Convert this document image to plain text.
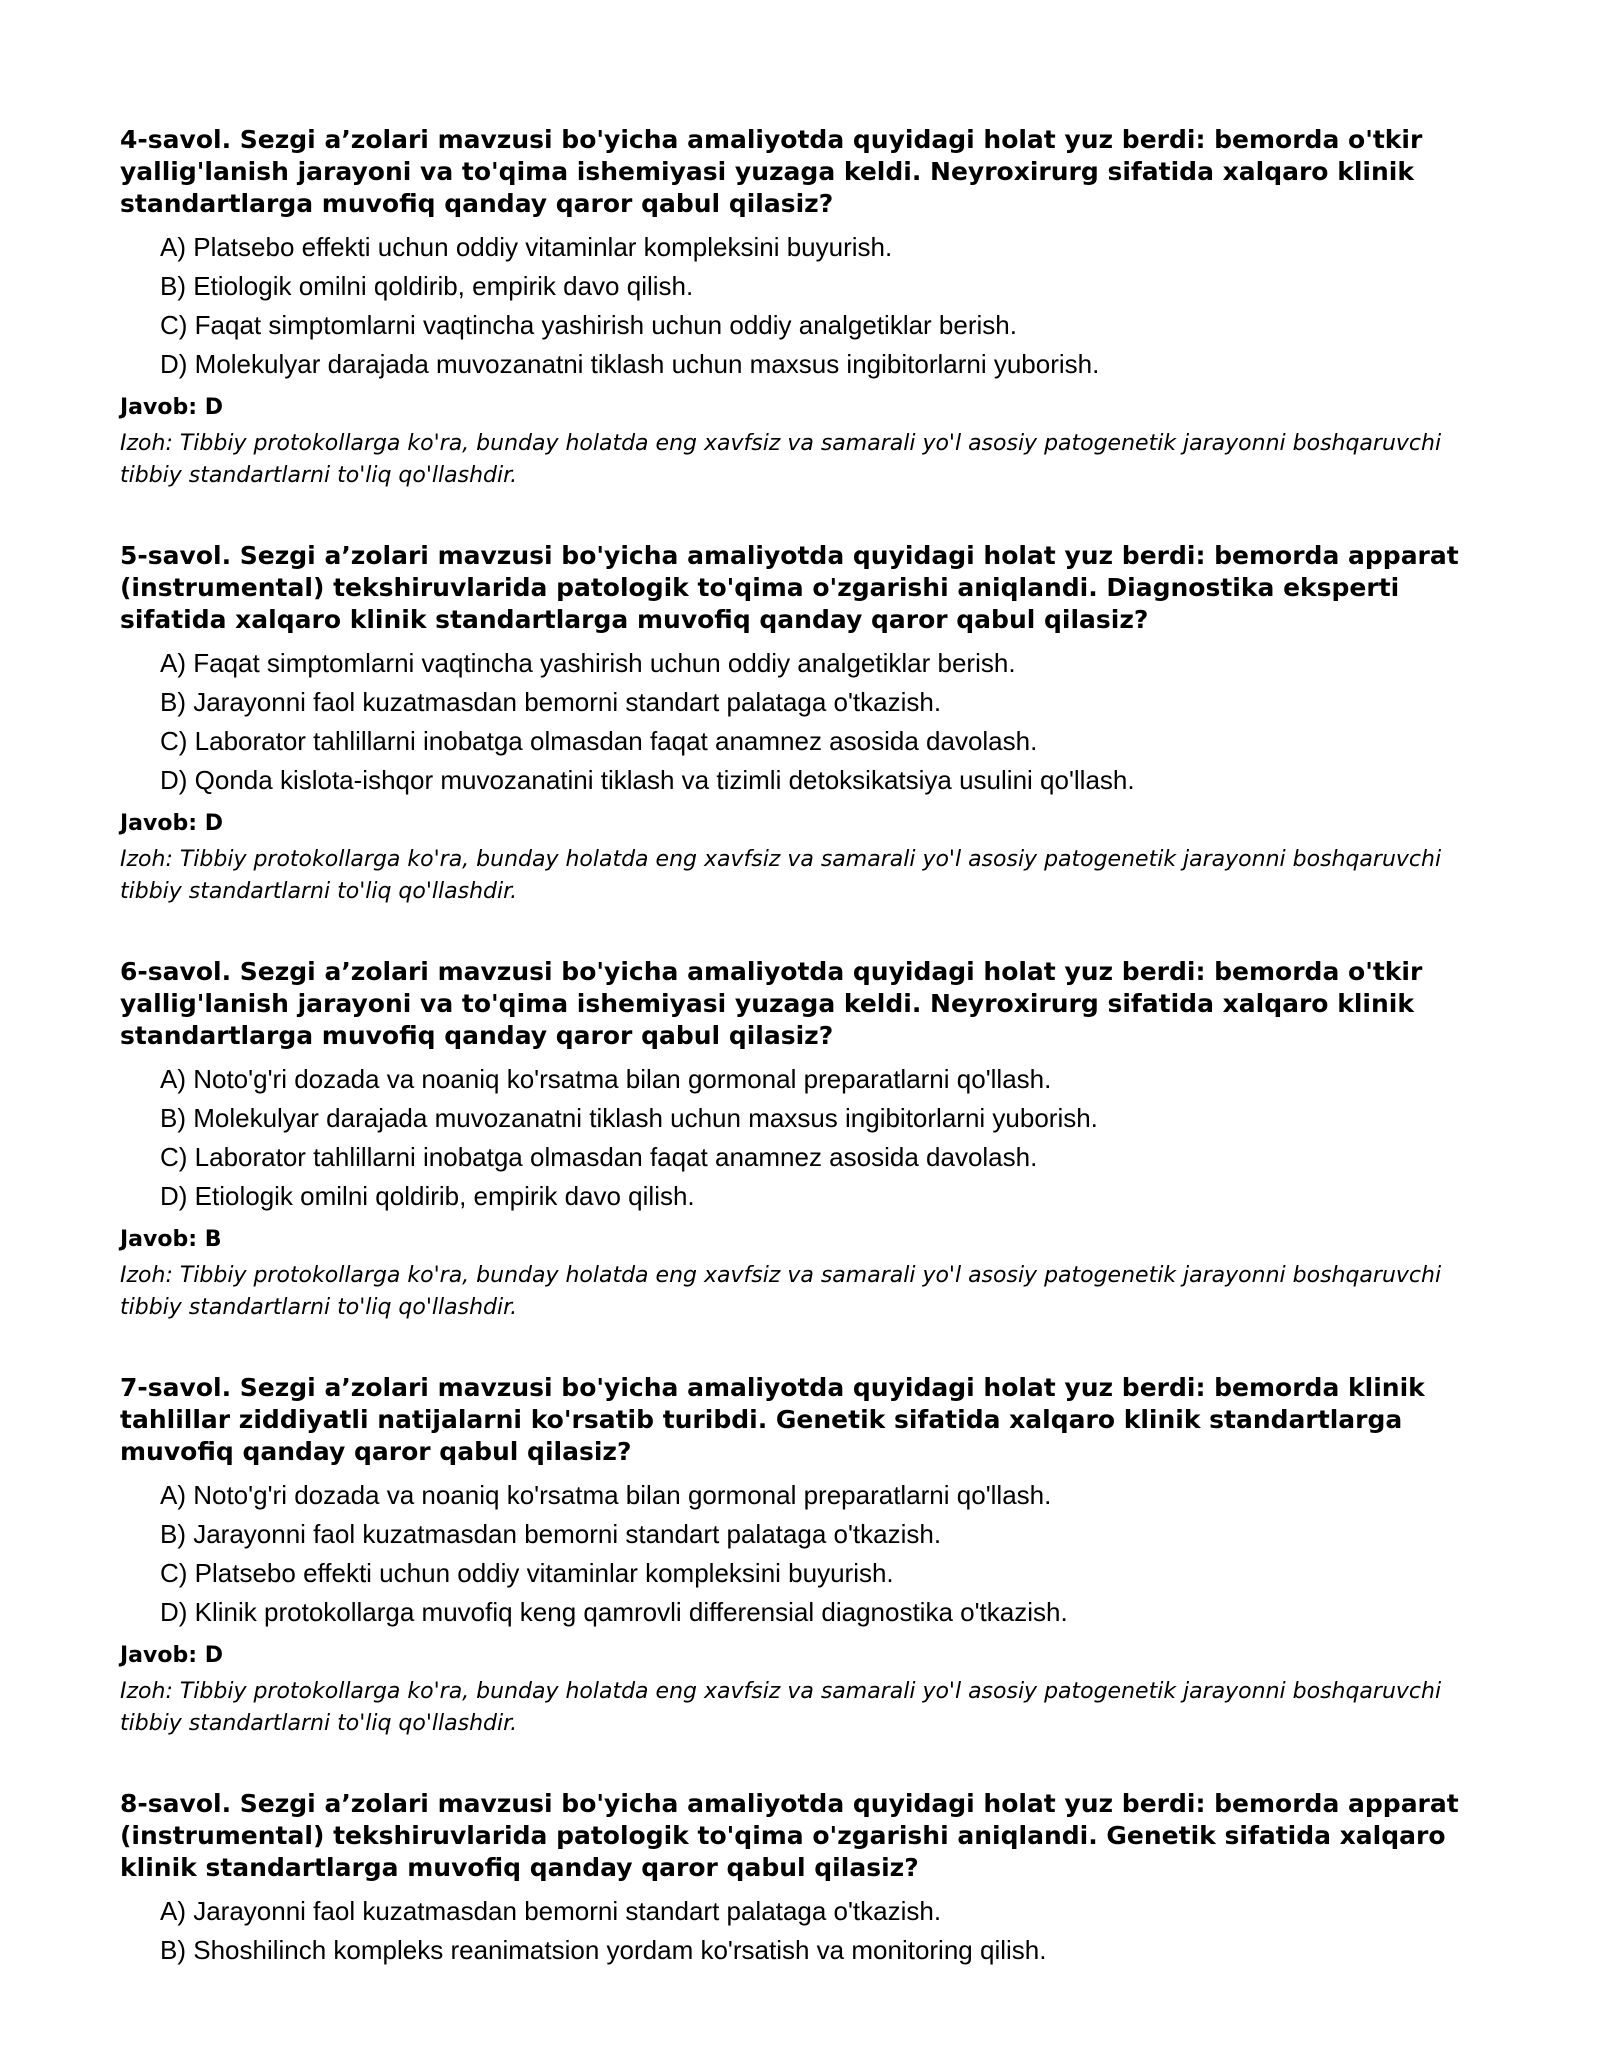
4-savol. Sezgi a’zolari mavzusi bo'yicha amaliyotda quyidagi holat yuz berdi: bemorda o'tkir yallig'lanish jarayoni va to'qima ishemiyasi yuzaga keldi. Neyroxirurg sifatida xalqaro klinik standartlarga muvofiq qanday qaror qabul qilasiz?

A) Platsebo effekti uchun oddiy vitaminlar kompleksini buyurish.
B) Etiologik omilni qoldirib, empirik davo qilish.
C) Faqat simptomlarni vaqtincha yashirish uchun oddiy analgetiklar berish.
D) Molekulyar darajada muvozanatni tiklash uchun maxsus ingibitorlarni yuborish.

Javob: D

Izoh: Tibbiy protokollarga ko'ra, bunday holatda eng xavfsiz va samarali yo'l asosiy patogenetik jarayonni boshqaruvchi tibbiy standartlarni to'liq qo'llashdir.

5-savol. Sezgi a’zolari mavzusi bo'yicha amaliyotda quyidagi holat yuz berdi: bemorda apparat (instrumental) tekshiruvlarida patologik to'qima o'zgarishi aniqlandi. Diagnostika eksperti sifatida xalqaro klinik standartlarga muvofiq qanday qaror qabul qilasiz?

A) Faqat simptomlarni vaqtincha yashirish uchun oddiy analgetiklar berish.
B) Jarayonni faol kuzatmasdan bemorni standart palataga o'tkazish.
C) Laborator tahlillarni inobatga olmasdan faqat anamnez asosida davolash.
D) Qonda kislota-ishqor muvozanatini tiklash va tizimli detoksikatsiya usulini qo'llash.

Javob: D

Izoh: Tibbiy protokollarga ko'ra, bunday holatda eng xavfsiz va samarali yo'l asosiy patogenetik jarayonni boshqaruvchi tibbiy standartlarni to'liq qo'llashdir.

6-savol. Sezgi a’zolari mavzusi bo'yicha amaliyotda quyidagi holat yuz berdi: bemorda o'tkir yallig'lanish jarayoni va to'qima ishemiyasi yuzaga keldi. Neyroxirurg sifatida xalqaro klinik standartlarga muvofiq qanday qaror qabul qilasiz?

A) Noto'g'ri dozada va noaniq ko'rsatma bilan gormonal preparatlarni qo'llash.
B) Molekulyar darajada muvozanatni tiklash uchun maxsus ingibitorlarni yuborish.
C) Laborator tahlillarni inobatga olmasdan faqat anamnez asosida davolash.
D) Etiologik omilni qoldirib, empirik davo qilish.

Javob: B

Izoh: Tibbiy protokollarga ko'ra, bunday holatda eng xavfsiz va samarali yo'l asosiy patogenetik jarayonni boshqaruvchi tibbiy standartlarni to'liq qo'llashdir.

7-savol. Sezgi a’zolari mavzusi bo'yicha amaliyotda quyidagi holat yuz berdi: bemorda klinik tahlillar ziddiyatli natijalarni ko'rsatib turibdi. Genetik sifatida xalqaro klinik standartlarga muvofiq qanday qaror qabul qilasiz?

A) Noto'g'ri dozada va noaniq ko'rsatma bilan gormonal preparatlarni qo'llash.
B) Jarayonni faol kuzatmasdan bemorni standart palataga o'tkazish.
C) Platsebo effekti uchun oddiy vitaminlar kompleksini buyurish.
D) Klinik protokollarga muvofiq keng qamrovli differensial diagnostika o'tkazish.

Javob: D

Izoh: Tibbiy protokollarga ko'ra, bunday holatda eng xavfsiz va samarali yo'l asosiy patogenetik jarayonni boshqaruvchi tibbiy standartlarni to'liq qo'llashdir.

8-savol. Sezgi a’zolari mavzusi bo'yicha amaliyotda quyidagi holat yuz berdi: bemorda apparat (instrumental) tekshiruvlarida patologik to'qima o'zgarishi aniqlandi. Genetik sifatida xalqaro klinik standartlarga muvofiq qanday qaror qabul qilasiz?

A) Jarayonni faol kuzatmasdan bemorni standart palataga o'tkazish.
B) Shoshilinch kompleks reanimatsion yordam ko'rsatish va monitoring qilish.
